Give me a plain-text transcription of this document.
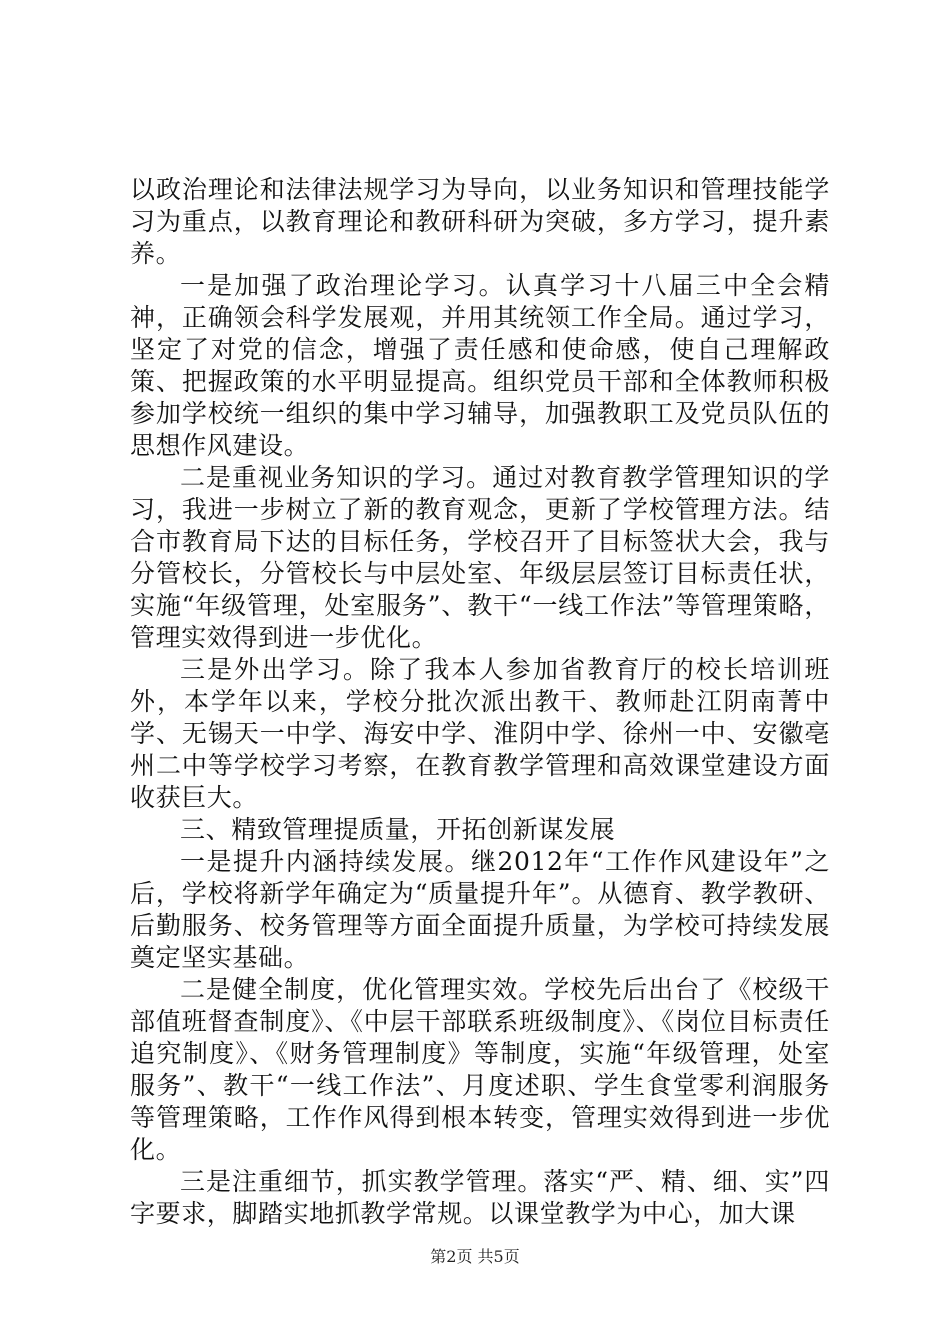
以政治理论和法律法规学习为导向，以业务知识和管理技能学习为重点，以教育理论和教研科研为突破，多方学习，提升素养。

一是加强了政治理论学习。认真学习十八届三中全会精神，正确领会科学发展观，并用其统领工作全局。通过学习，坚定了对党的信念，增强了责任感和使命感，使自己理解政策、把握政策的水平明显提高。组织党员干部和全体教师积极参加学校统一组织的集中学习辅导，加强教职工及党员队伍的思想作风建设。

二是重视业务知识的学习。通过对教育教学管理知识的学习，我进一步树立了新的教育观念，更新了学校管理方法。结合市教育局下达的目标任务，学校召开了目标签状大会，我与分管校长，分管校长与中层处室、年级层层签订目标责任状，实施“年级管理，处室服务”、教干“一线工作法”等管理策略，管理实效得到进一步优化。

三是外出学习。除了我本人参加省教育厅的校长培训班外，本学年以来，学校分批次派出教干、教师赴江阴南菁中学、无锡天一中学、海安中学、淮阴中学、徐州一中、安徽亳州二中等学校学习考察，在教育教学管理和高效课堂建设方面收获巨大。

三、精致管理提质量，开拓创新谋发展

一是提升内涵持续发展。继2012年“工作作风建设年”之后，学校将新学年确定为“质量提升年”。从德育、教学教研、后勤服务、校务管理等方面全面提升质量，为学校可持续发展奠定坚实基础。

二是健全制度，优化管理实效。学校先后出台了《校级干部值班督查制度》、《中层干部联系班级制度》、《岗位目标责任追究制度》、《财务管理制度》等制度，实施“年级管理，处室服务”、教干“一线工作法”、月度述职、学生食堂零利润服务等管理策略，工作作风得到根本转变，管理实效得到进一步优化。

三是注重细节，抓实教学管理。落实“严、精、细、实”四字要求，脚踏实地抓教学常规。以课堂教学为中心，加大课

第2页 共5页
